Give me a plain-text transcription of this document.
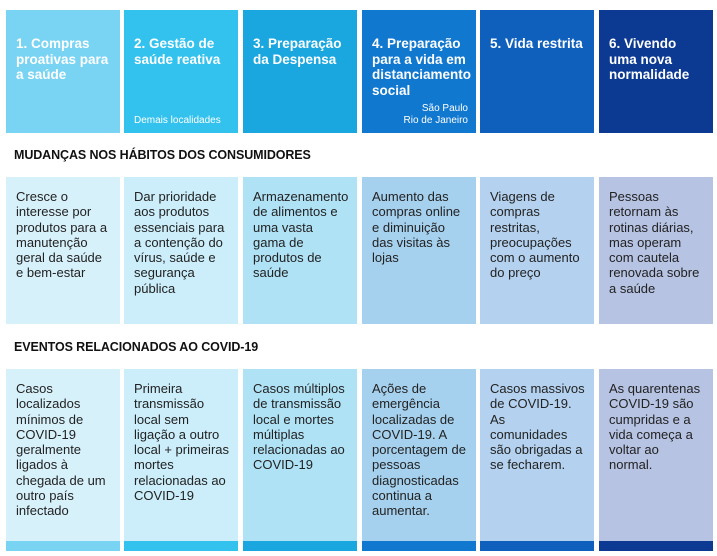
MUDANÇAS NOS HÁBITOS DOS CONSUMIDORES
EVENTOS RELACIONADOS AO COVID-19
1. Compras proativas para a saúde
Cresce o interesse por produtos para a manutenção geral da saúde e bem-estar
Casos localizados mínimos de COVID-19 geralmente ligados à chegada de um outro país infectado
2. Gestão de saúde reativa
Demais localidades
Dar prioridade aos produtos essenciais para a contenção do vírus, saúde e segurança pública
Primeira transmissão local sem ligação a outro local + primeiras mortes relacionadas ao COVID-19
3. Preparação da Despensa
Armazenamento de alimentos e uma vasta gama de produtos de saúde
Casos múltiplos de transmissão local e mortes múltiplas relacionadas ao COVID-19
4. Preparação para a vida em distanciamento social
São Paulo
Rio de Janeiro
Aumento das compras online e diminuição das visitas às lojas
Ações de emergência localizadas de COVID-19. A porcentagem de pessoas diagnosticadas continua a aumentar.
5. Vida restrita
Viagens de compras restritas, preocupações com o aumento do preço
Casos massivos de COVID-19. As comunidades são obrigadas a se fecharem.
6. Vivendo uma nova normalidade
Pessoas retornam às rotinas diárias, mas operam com cautela renovada sobre a saúde
As quarentenas COVID-19 são cumpridas e a vida começa a voltar ao normal.
